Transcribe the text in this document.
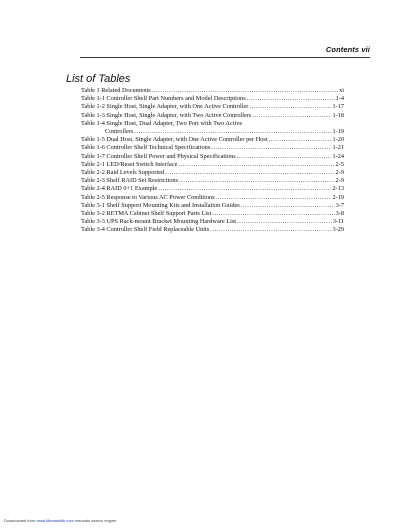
Contents vii
List of Tables
Table 1 Related Documents .....	xi
Table 1-1 Controller Shelf Part Numbers and Model Descriptions .....	1-4
Table 1-2 Single Host, Single Adapter, with One Active Controller .....	1-17
Table 1-3 Single Host, Single Adapter, with Two Active Controllers .....	1-18
Table 1-4 Single Host, Dual Adapter, Two Port with Two Active
Controllers .....	1-19
Table 1-5 Dual Host, Single Adapter, with One Active Controller per Host .....	1-20
Table 1-6 Controller Shelf Technical Specifications .....	1-21
Table 1-7 Controller Shelf Power and Physical Specifications .....	1-24
Table 2-1 LED/Reset Switch Interface .....	2-5
Table 2-2 Raid Levels Supported .....	2-9
Table 2-3 Shelf RAID Set Restrictions .....	2-9
Table 2-4 RAID 0+1 Example .....	2-13
Table 2-5 Response to Various AC Power Conditions .....	2-19
Table 3-1 Shelf Support Mounting Kits and Installation Guides .....	3-7
Table 3-2 RETMA Cabinet Shelf Support Parts List .....	3-8
Table 3-3 UPS Rack-mount Bracket Mounting Hardware List .....	3-11
Table 3-4 Controller Shelf Field Replaceable Units .....	3-29
Downloaded from www.Manualslib.com manuals search engine
